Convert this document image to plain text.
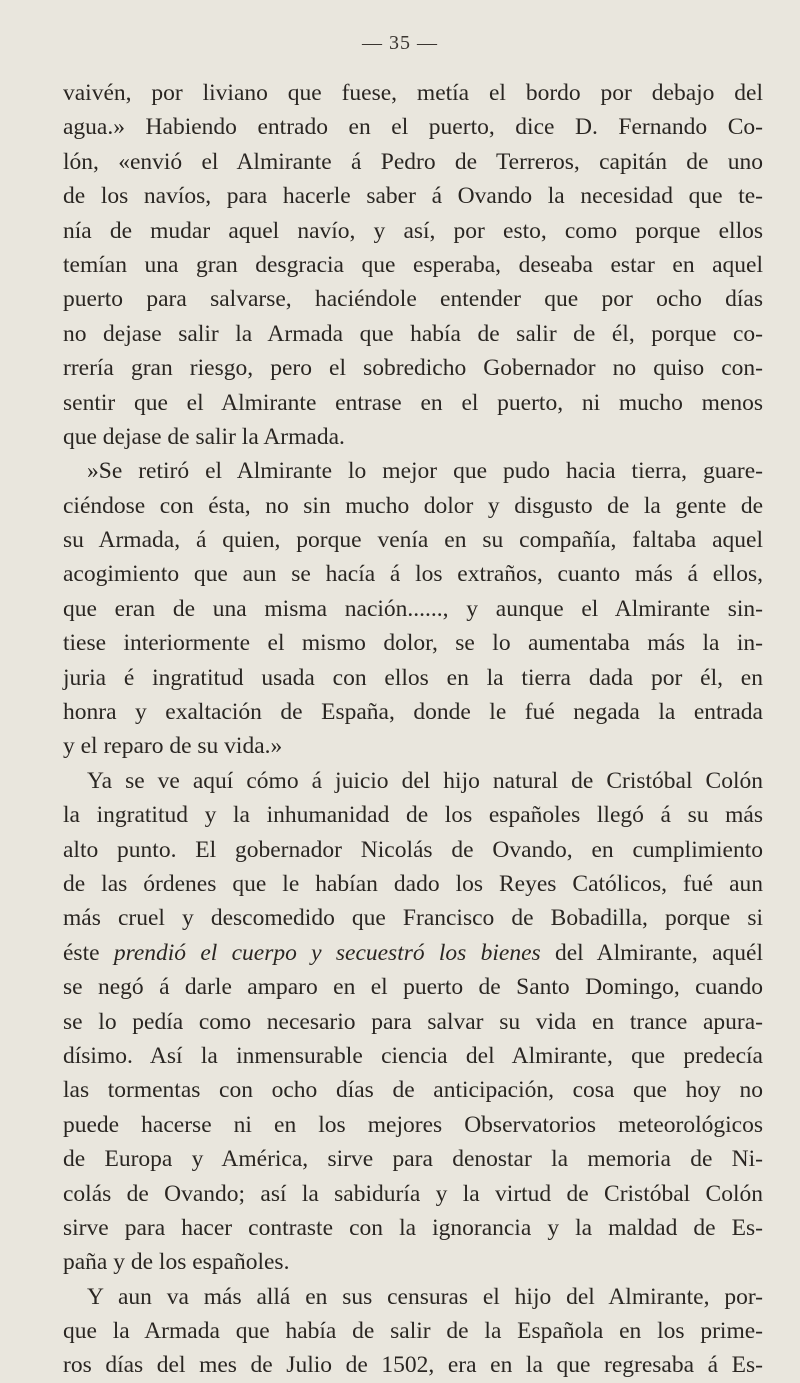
— 35 —
vaivén, por liviano que fuese, metía el bordo por debajo del
agua.» Habiendo entrado en el puerto, dice D. Fernando Co-
lón, «envió el Almirante á Pedro de Terreros, capitán de uno
de los navíos, para hacerle saber á Ovando la necesidad que te-
nía de mudar aquel navío, y así, por esto, como porque ellos
temían una gran desgracia que esperaba, deseaba estar en aquel
puerto para salvarse, haciéndole entender que por ocho días
no dejase salir la Armada que había de salir de él, porque co-
rrería gran riesgo, pero el sobredicho Gobernador no quiso con-
sentir que el Almirante entrase en el puerto, ni mucho menos
que dejase de salir la Armada.
»Se retiró el Almirante lo mejor que pudo hacia tierra, guare-
ciéndose con ésta, no sin mucho dolor y disgusto de la gente de
su Armada, á quien, porque venía en su compañía, faltaba aquel
acogimiento que aun se hacía á los extraños, cuanto más á ellos,
que eran de una misma nación......, y aunque el Almirante sin-
tiese interiormente el mismo dolor, se lo aumentaba más la in-
juria é ingratitud usada con ellos en la tierra dada por él, en
honra y exaltación de España, donde le fué negada la entrada
y el reparo de su vida.»
Ya se ve aquí cómo á juicio del hijo natural de Cristóbal Colón
la ingratitud y la inhumanidad de los españoles llegó á su más
alto punto. El gobernador Nicolás de Ovando, en cumplimiento
de las órdenes que le habían dado los Reyes Católicos, fué aun
más cruel y descomedido que Francisco de Bobadilla, porque si
éste prendió el cuerpo y secuestró los bienes del Almirante, aquél
se negó á darle amparo en el puerto de Santo Domingo, cuando
se lo pedía como necesario para salvar su vida en trance apura-
dísimo. Así la inmensurable ciencia del Almirante, que predecía
las tormentas con ocho días de anticipación, cosa que hoy no
puede hacerse ni en los mejores Observatorios meteorológicos
de Europa y América, sirve para denostar la memoria de Ni-
colás de Ovando; así la sabiduría y la virtud de Cristóbal Colón
sirve para hacer contraste con la ignorancia y la maldad de Es-
paña y de los españoles.
Y aun va más allá en sus censuras el hijo del Almirante, por-
que la Armada que había de salir de la Española en los prime-
ros días del mes de Julio de 1502, era en la que regresaba á Es-
